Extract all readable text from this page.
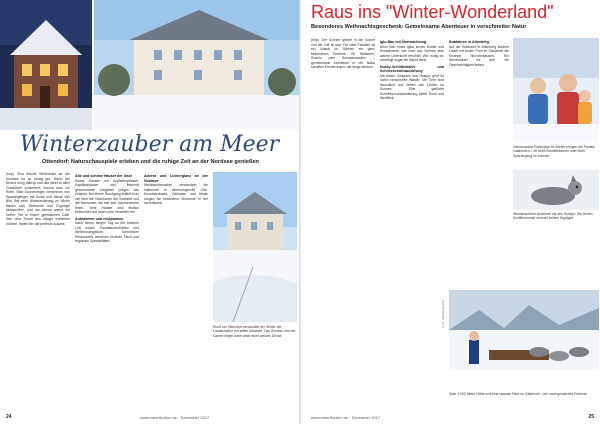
Winterzauber am Meer
Ottendorf: Naturschauspiele erleben und die ruhige Zeit an der Nordsee genießen
(shp). Eine frische Winterbrise an der Nordsee tut so richtig gut. Wenn der Strand ruhig daliegt und das Meer in allen Grautönen schimmert, kommt man zur Ruhe. Statt Sonnenliegen bestimmen nun Spaziergänger mit Schal und Mütze das Bild. Bei einer Wattwanderung im Winter lassen sich Seehunde und Zugvögel beobachten, und am Abend wartet ein heißer Tee in einem gemütlichen Café. Wer dem Trubel des Alltags entfliehen möchte, findet hier die perfekte Auszeit.
Alte und schöne Häuser der Insel
Kleine Gassen mit Kopfsteinpflaster, Kapitänshäuser und liebevoll geschmückte Vorgärten prägen das Ortsbild. Bei einem Rundgang erfährt man viel über die Geschichte der Seefahrt und die Menschen, die hier seit Jahrhunderten leben. Viele Häuser sind festlich beleuchtet und laden zum Verweilen ein.
Aufwärmen und entspannen
Nach einem langen Tag an der frischen Luft locken Saunalandschaften und Wellnessangebote. Gemütliche Restaurants servieren frischen Fisch und regionale Spezialitäten.
Advent und Lichterglanz an der Nordsee
Weihnachtsmärkte verwandeln die Hafenorte in stimmungsvolle Orte. Kunsthandwerk, Glühwein und Musik sorgen für besondere Momente in der Adventszeit.
Rund um Ottendorf verwandelt der Winter die Landschaft in ein stilles Märchen. Das Schloss und der Garten liegen dann unter einer weißen Decke.
24	www.meerfluchen.de · Dezember 2017
Raus ins "Winter-Wonderland"
Besonderes Weihnachtsgeschenk: Gemeinsame Abenteuer in verschneiter Natur
(shp). Der Schnee glitzert in der Sonne und die Luft ist klar. Für viele Familien ist ein Urlaub im Schnee ein ganz besonderes Erlebnis. Ob Skifahren, Rodeln oder Schneewandern – gemeinsame Abenteuer in der Natur schaffen Erinnerungen, die lange bleiben.
Iglu-Bau mit Übernachtung
Beim Bau eines Iglus lernen Kinder und Erwachsene, wie man aus Schnee eine warme Unterkunft errichtet. Wer mutig ist, verbringt sogar die Nacht darin.
Husky-Schlittenfahrt und Schneeschuhwanderung
Mit einem Gespann aus Huskys geht es durch verschneite Wälder. Die Tiere sind freundlich und lieben das Laufen im Schnee. Eine geführte Schneeschuhwanderung bietet Ruhe und Weitblick.
Bobfahren in Altenberg
Auf der Bobbahn in Altenberg können Gäste mit einem Profi im Gästebob die Eisrinne hinuntersausen. Ein Nervenkitzel für alle, die Geschwindigkeit lieben.
Gemeinsame Erlebnisse im Winter bringen die Familie zusammen – ob beim Schlittenfahren oder beim Spaziergang im Schnee.
Wunderschöne Momente mit den Huskys: Die treuen Schlittenhunde sind ein echtes Highlight.
Über 3.000 Meter Höhe und eine rasante Fahrt im Gästebob – ein unvergessliches Erlebnis.
Foto: djd/Winterreise
www.meerfluchen.de · Dezember 2017	25
